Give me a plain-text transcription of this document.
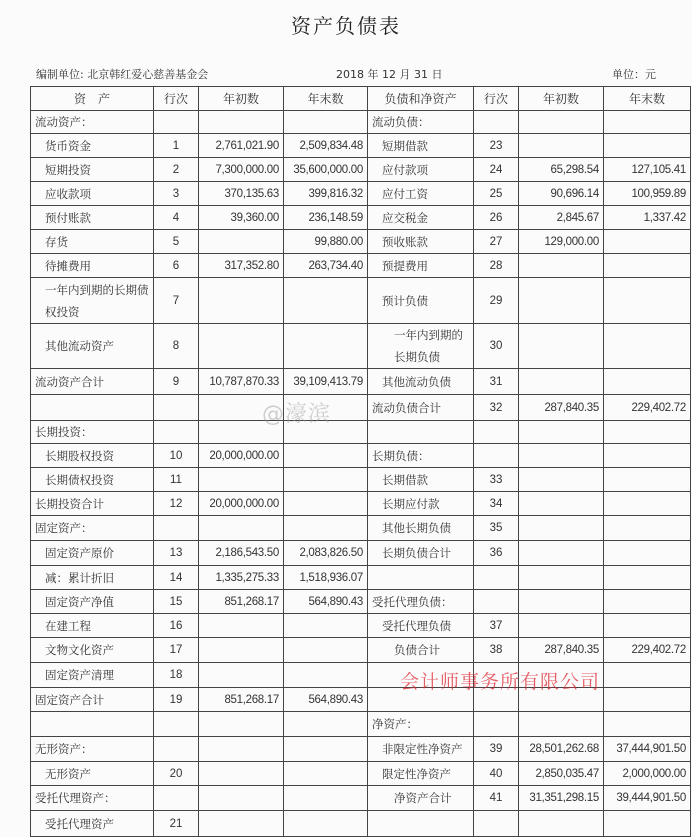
资产负债表
编制单位: 北京韩红爱心慈善基金会	2018 年 12 月 31 日	单位：元
资　产	行次	年初数	年末数	负债和净资产	行次	年初数	年末数
流动资产：				流动负债：			
货币资金	1	2,761,021.90	2,509,834.48	短期借款	23		
短期投资	2	7,300,000.00	35,600,000.00	应付款项	24	65,298.54	127,105.41
应收款项	3	370,135.63	399,816.32	应付工资	25	90,696.14	100,959.89
预付账款	4	39,360.00	236,148.59	应交税金	26	2,845.67	1,337.42
存货	5		99,880.00	预收账款	27	129,000.00	
待摊费用	6	317,352.80	263,734.40	预提费用	28		
一年内到期的长期债权投资	7			预计负债	29		
其他流动资产	8			一年内到期的长期负债	30		
流动资产合计	9	10,787,870.33	39,109,413.79	其他流动负债	31		
				流动负债合计	32	287,840.35	229,402.72
长期投资：							
长期股权投资	10	20,000,000.00		长期负债：			
长期债权投资	11			长期借款	33		
长期投资合计	12	20,000,000.00		长期应付款	34		
固定资产：				其他长期负债	35		
固定资产原价	13	2,186,543.50	2,083,826.50	长期负债合计	36		
减：累计折旧	14	1,335,275.33	1,518,936.07				
固定资产净值	15	851,268.17	564,890.43	受托代理负债：			
在建工程	16			受托代理负债	37		
文物文化资产	17			负债合计	38	287,840.35	229,402.72
固定资产清理	18						
固定资产合计	19	851,268.17	564,890.43				
				净资产：			
无形资产：				非限定性净资产	39	28,501,262.68	37,444,901.50
无形资产	20			限定性净资产	40	2,850,035.47	2,000,000.00
受托代理资产：				净资产合计	41	31,351,298.15	39,444,901.50
受托代理资产	21						
@濠滨
会计师事务所有限公司
